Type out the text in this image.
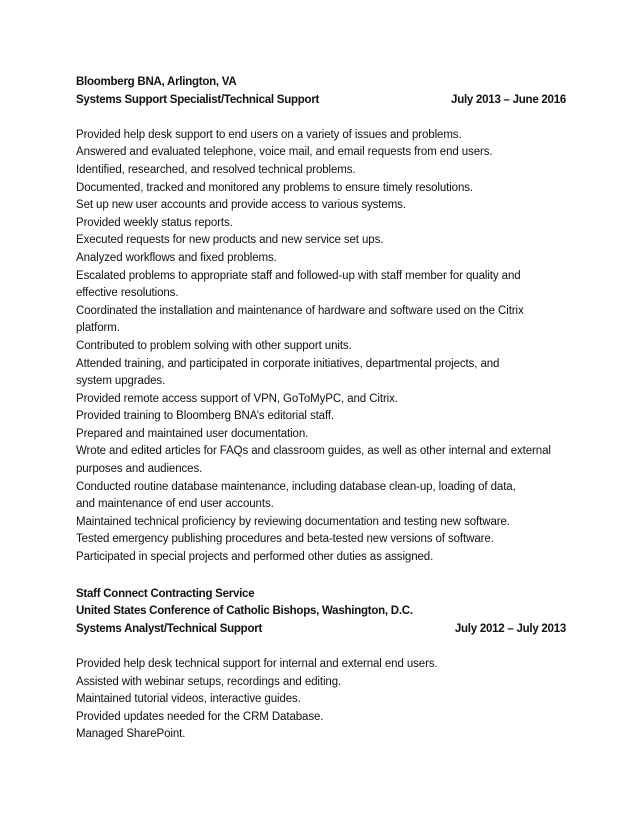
Bloomberg BNA, Arlington, VA
Systems Support Specialist/Technical Support	July 2013 – June 2016
Provided help desk support to end users on a variety of issues and problems.
Answered and evaluated telephone, voice mail, and email requests from end users.
Identified, researched, and resolved technical problems.
Documented, tracked and monitored any problems to ensure timely resolutions.
Set up new user accounts and provide access to various systems.
Provided weekly status reports.
Executed requests for new products and new service set ups.
Analyzed workflows and fixed problems.
Escalated problems to appropriate staff and followed-up with staff member for quality and
effective resolutions.
Coordinated the installation and maintenance of hardware and software used on the Citrix
platform.
Contributed to problem solving with other support units.
Attended training, and participated in corporate initiatives, departmental projects, and
system upgrades.
Provided remote access support of VPN, GoToMyPC, and Citrix.
Provided training to Bloomberg BNA’s editorial staff.
Prepared and maintained user documentation.
Wrote and edited articles for FAQs and classroom guides, as well as other internal and external
purposes and audiences.
Conducted routine database maintenance, including database clean-up, loading of data,
and maintenance of end user accounts.
Maintained technical proficiency by reviewing documentation and testing new software.
Tested emergency publishing procedures and beta-tested new versions of software.
Participated in special projects and performed other duties as assigned.
Staff Connect Contracting Service
United States Conference of Catholic Bishops, Washington, D.C.
Systems Analyst/Technical Support	July 2012 – July 2013
Provided help desk technical support for internal and external end users.
Assisted with webinar setups, recordings and editing.
Maintained tutorial videos, interactive guides.
Provided updates needed for the CRM Database.
Managed SharePoint.
